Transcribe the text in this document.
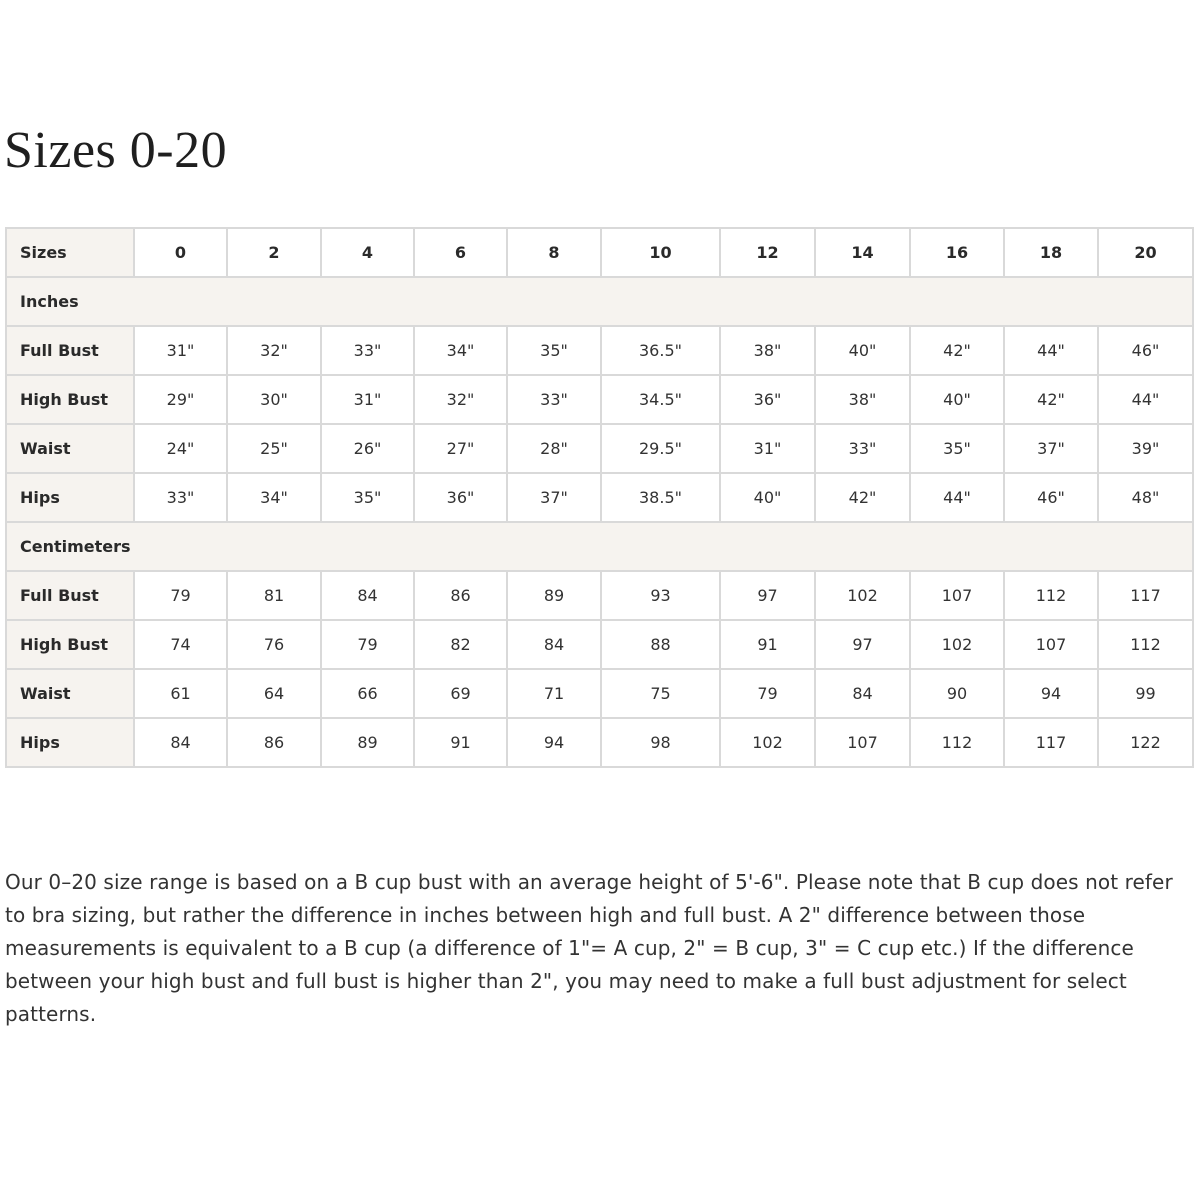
Sizes 0-20
Sizes	0	2	4	6	8	10	12	14	16	18	20
Inches											
Full Bust	31"	32"	33"	34"	35"	36.5"	38"	40"	42"	44"	46"
High Bust	29"	30"	31"	32"	33"	34.5"	36"	38"	40"	42"	44"
Waist	24"	25"	26"	27"	28"	29.5"	31"	33"	35"	37"	39"
Hips	33"	34"	35"	36"	37"	38.5"	40"	42"	44"	46"	48"
Centimeters											
Full Bust	79	81	84	86	89	93	97	102	107	112	117
High Bust	74	76	79	82	84	88	91	97	102	107	112
Waist	61	64	66	69	71	75	79	84	90	94	99
Hips	84	86	89	91	94	98	102	107	112	117	122

Our 0–20 size range is based on a B cup bust with an average height of 5'-6". Please note that B cup does not refer to bra sizing, but rather the difference in inches between high and full bust. A 2" difference between those measurements is equivalent to a B cup (a difference of 1"= A cup, 2" = B cup, 3" = C cup etc.) If the difference between your high bust and full bust is higher than 2", you may need to make a full bust adjustment for select patterns.
